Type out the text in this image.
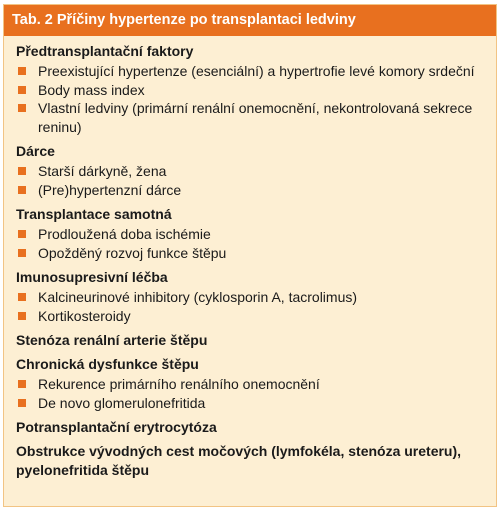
Tab. 2 Příčiny hypertenze po transplantaci ledviny
Předtransplantační faktory
Preexistující hypertenze (esenciální) a hypertrofie levé komory srdeční
Body mass index
Vlastní ledviny (primární renální onemocnění, nekontrolovaná sekrece reninu)
Dárce
Starší dárkyně, žena
(Pre)hypertenzní dárce
Transplantace samotná
Prodloužená doba ischémie
Opožděný rozvoj funkce štěpu
Imunosupresivní léčba
Kalcineurinové inhibitory (cyklosporin A, tacrolimus)
Kortikosteroidy
Stenóza renální arterie štěpu
Chronická dysfunkce štěpu
Rekurence primárního renálního onemocnění
De novo glomerulonefritida
Potransplantační erytrocytóza
Obstrukce vývodných cest močových (lymfokéla, stenóza ureteru), pyelonefritida štěpu
